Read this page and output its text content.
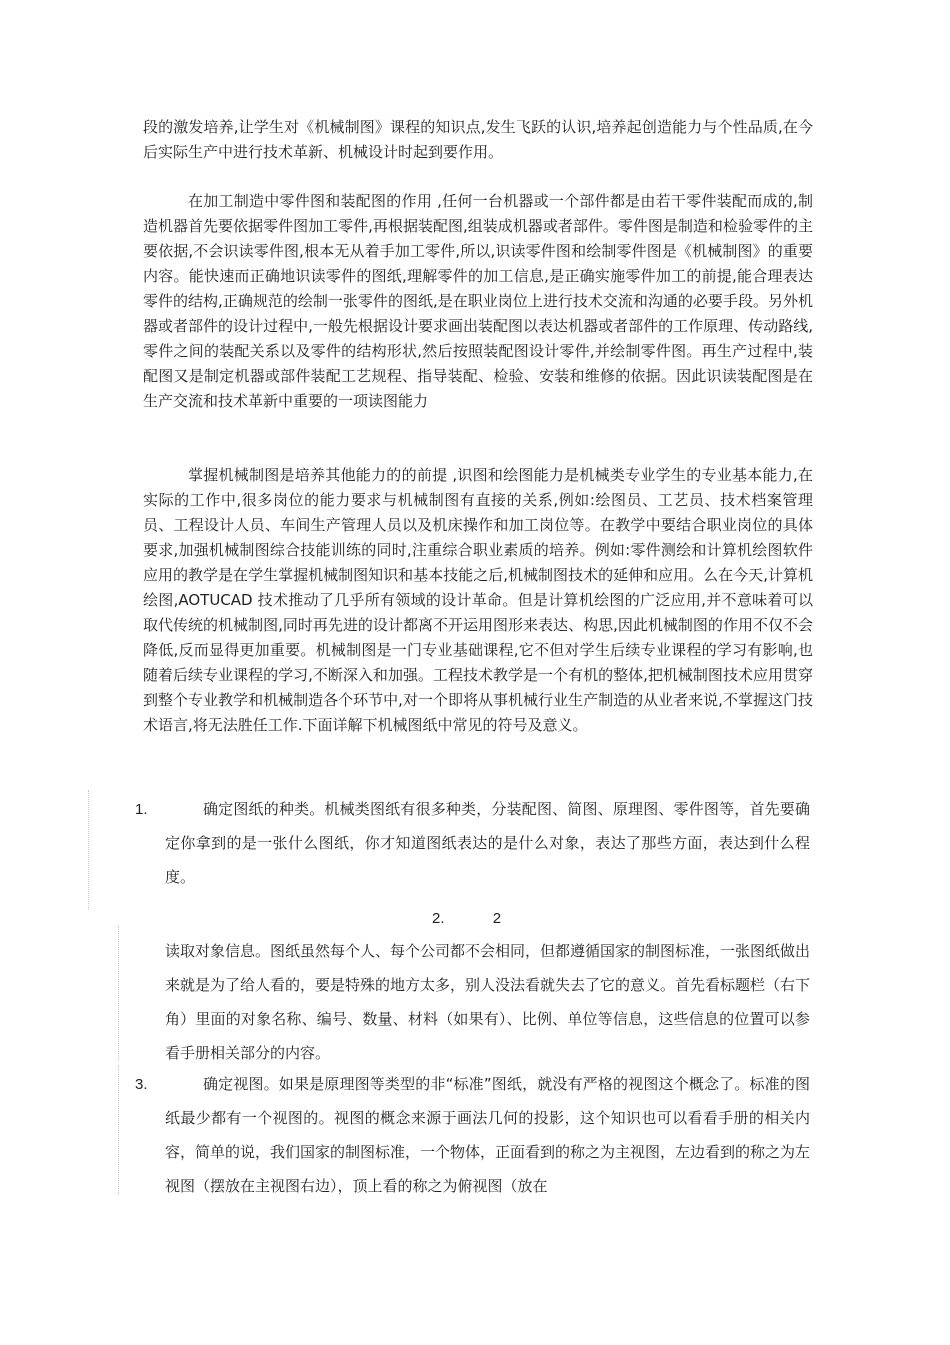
段的激发培养,让学生对《机械制图》课程的知识点,发生飞跃的认识,培养起创造能力与个性品质,在今后实际生产中进行技术革新、机械设计时起到要作用。

在加工制造中零件图和装配图的作用 ,任何一台机器或一个部件都是由若干零件装配而成的,制造机器首先要依据零件图加工零件,再根据装配图,组装成机器或者部件。零件图是制造和检验零件的主要依据,不会识读零件图,根本无从着手加工零件,所以,识读零件图和绘制零件图是《机械制图》的重要内容。能快速而正确地识读零件的图纸,理解零件的加工信息,是正确实施零件加工的前提,能合理表达零件的结构,正确规范的绘制一张零件的图纸,是在职业岗位上进行技术交流和沟通的必要手段。另外机器或者部件的设计过程中,一般先根据设计要求画出装配图以表达机器或者部件的工作原理、传动路线,零件之间的装配关系以及零件的结构形状,然后按照装配图设计零件,并绘制零件图。再生产过程中,装配图又是制定机器或部件装配工艺规程、指导装配、检验、安装和维修的依据。因此识读装配图是在生产交流和技术革新中重要的一项读图能力

掌握机械制图是培养其他能力的的前提 ,识图和绘图能力是机械类专业学生的专业基本能力,在实际的工作中,很多岗位的能力要求与机械制图有直接的关系,例如:绘图员、工艺员、技术档案管理员、工程设计人员、车间生产管理人员以及机床操作和加工岗位等。在教学中要结合职业岗位的具体要求,加强机械制图综合技能训练的同时,注重综合职业素质的培养。例如:零件测绘和计算机绘图软件应用的教学是在学生掌握机械制图知识和基本技能之后,机械制图技术的延伸和应用。么在今天,计算机绘图,AOTUCAD 技术推动了几乎所有领域的设计革命。但是计算机绘图的广泛应用,并不意味着可以取代传统的机械制图,同时再先进的设计都离不开运用图形来表达、构思,因此机械制图的作用不仅不会降低,反而显得更加重要。机械制图是一门专业基础课程,它不但对学生后续专业课程的学习有影响,也随着后续专业课程的学习,不断深入和加强。工程技术教学是一个有机的整体,把机械制图技术应用贯穿到整个专业教学和机械制造各个环节中,对一个即将从事机械行业生产制造的从业者来说,不掌握这门技术语言,将无法胜任工作.下面详解下机械图纸中常见的符号及意义。

1.	确定图纸的种类。机械类图纸有很多种类，分装配图、简图、原理图、零件图等，首先要确定你拿到的是一张什么图纸，你才知道图纸表达的是什么对象，表达了那些方面，表达到什么程度。

2.	2

读取对象信息。图纸虽然每个人、每个公司都不会相同，但都遵循国家的制图标准，一张图纸做出来就是为了给人看的，要是特殊的地方太多，别人没法看就失去了它的意义。首先看标题栏（右下角）里面的对象名称、编号、数量、材料（如果有）、比例、单位等信息，这些信息的位置可以参看手册相关部分的内容。

3.	确定视图。如果是原理图等类型的非“标准”图纸，就没有严格的视图这个概念了。标准的图纸最少都有一个视图的。视图的概念来源于画法几何的投影，这个知识也可以看看手册的相关内容，简单的说，我们国家的制图标准，一个物体，正面看到的称之为主视图，左边看到的称之为左视图（摆放在主视图右边），顶上看的称之为俯视图（放在
